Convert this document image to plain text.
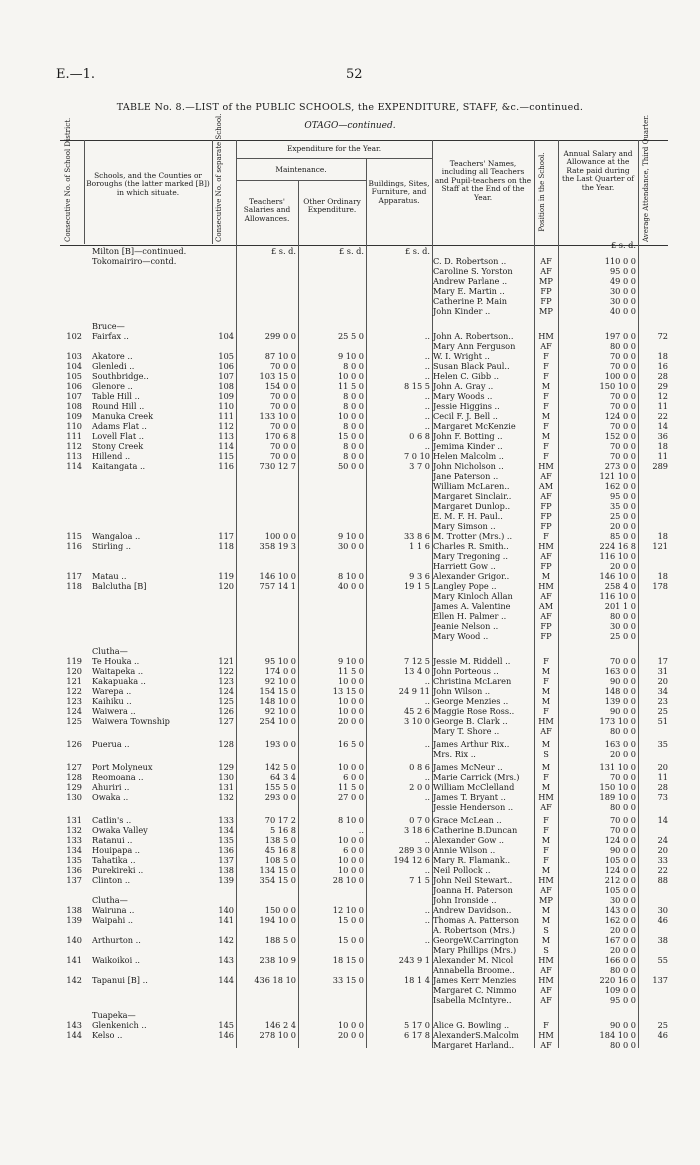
E.—1.	52
TABLE No. 8.—LIST of the PUBLIC SCHOOLS, the EXPENDITURE, STAFF, &c.—continued.
OTAGO—continued.
Consecutive No. of School District.	Schools, and the Counties or Boroughs (the latter marked [B]) in which situate.	Consecutive No. of separate School.	Expenditure for the Year.
Maintenance.
Teachers' Salaries and Allowances.
Other Ordinary Expenditure.
Buildings, Sites, Furniture, and Apparatus.
Teachers' Names, including all Teachers and Pupil-teachers on the Staff at the End of the Year.	Position in the School.	Annual Salary and Allowance at the Rate paid during the Last Quarter of the Year.	Average Attendance, Third Quarter.
Milton [B]—continued.	£ s. d.	£ s. d.	£ s. d.
£ s. d.
Tokomairiro—contd.	C. D. Robertson ..	AF	110 0 0
Caroline S. Yorston	AF	95 0 0
Andrew Parlane ..	MP	49 0 0
Mary E. Martin ..	FP	30 0 0
Catherine P. Main	FP	30 0 0
John Kinder ..	MP	40 0 0
Bruce—
102 Fairfax ..	104	299 0 0	25 5 0	.. John A. Robertson..	HM	197 0 0	72
Mary Ann Ferguson	AF	80 0 0
103 Akatore ..	105	87 10 0	9 10 0	.. W. I. Wright ..	F	70 0 0	18
104 Glenledi ..	106	70 0 0	8 0 0	.. Susan Black Paul..	F	70 0 0	16
105 Southbridge..	107	103 15 0	10 0 0	.. Helen C. Gibb ..	F	100 0 0	28
106 Glenore ..	108	154 0 0	11 5 0	8 15 5 John A. Gray ..	M	150 10 0	29
107 Table Hill ..	109	70 0 0	8 0 0	.. Mary Woods ..	F	70 0 0	12
108 Round Hill ..	110	70 0 0	8 0 0	.. Jessie Higgins ..	F	70 0 0	11
109 Manuka Creek	111	133 10 0	10 0 0	.. Cecil F. J. Bell ..	M	124 0 0	22
110 Adams Flat ..	112	70 0 0	8 0 0	.. Margaret McKenzie	F	70 0 0	14
111 Lovell Flat ..	113	170 6 8	15 0 0	0 6 8 John F. Botting ..	M	152 0 0	36
112 Stony Creek	114	70 0 0	8 0 0	.. Jemima Kinder ..	F	70 0 0	18
113 Hillend ..	115	70 0 0	8 0 0	7 0 10 Helen Malcolm ..	F	70 0 0	11
114 Kaitangata ..	116	730 12 7	50 0 0	3 7 0 John Nicholson ..	HM	273 0 0	289
Jane Paterson ..	AF	121 10 0
William McLaren..	AM	162 0 0
Margaret Sinclair..	AF	95 0 0
Margaret Dunlop..	FP	35 0 0
E. M. F. H. Paul..	FP	25 0 0
Mary Simson ..	FP	20 0 0
115 Wangaloa ..	117	100 0 0	9 10 0	33 8 6 M. Trotter (Mrs.) ..	F	85 0 0	18
116 Stirling ..	118	358 19 3	30 0 0	1 1 6 Charles R. Smith..	HM	224 16 8	121
Mary Tregoning ..	AF	116 10 0
Harriett Gow ..	FP	20 0 0
117 Matau ..	119	146 10 0	8 10 0	9 3 6 Alexander Grigor..	M	146 10 0	18
118 Balclutha [B]	120	757 14 1	40 0 0	19 1 5 Langley Pope ..	HM	258 4 0	178
Mary Kinloch Allan	AF	116 10 0
James A. Valentine	AM	201 1 0
Ellen H. Palmer ..	AF	80 0 0
Jeanie Nelson ..	FP	30 0 0
Mary Wood ..	FP	25 0 0
Clutha—
119 Te Houka ..	121	95 10 0	9 10 0	7 12 5 Jessie M. Riddell ..	F	70 0 0	17
120 Waitapeka ..	122	174 0 0	11 5 0	13 4 0 John Porteous ..	M	163 0 0	31
121 Kakapuaka ..	123	92 10 0	10 0 0	.. Christina McLaren	F	90 0 0	20
122 Warepa ..	124	154 15 0	13 15 0	24 9 11 John Wilson ..	M	148 0 0	34
123 Kaihiku ..	125	148 10 0	10 0 0	.. George Menzies ..	M	139 0 0	23
124 Waiwera ..	126	92 10 0	10 0 0	45 2 6 Maggie Rose Ross..	F	90 0 0	25
125 Waiwera Township	127	254 10 0	20 0 0	3 10 0 George B. Clark ..	HM	173 10 0	51
Mary T. Shore ..	AF	80 0 0
126 Puerua ..	128	193 0 0	16 5 0	.. James Arthur Rix..	M	163 0 0	35
Mrs. Rix ..	S	20 0 0
127 Port Molyneux	129	142 5 0	10 0 0	0 8 6 James McNeur ..	M	131 10 0	20
128 Reomoana ..	130	64 3 4	6 0 0	.. Marie Carrick (Mrs.)	F	70 0 0	11
129 Ahuriri ..	131	155 5 0	11 5 0	2 0 0 William McClelland	M	150 10 0	28
130 Owaka ..	132	293 0 0	27 0 0	.. James T. Bryant ..	HM	189 10 0	73
Jessie Henderson ..	AF	80 0 0
131 Catlin's ..	133	70 17 2	8 10 0	0 7 0 Grace McLean ..	F	70 0 0	14
132 Owaka Valley	134	5 16 8	..	3 18 6 Catherine B.Duncan	F	70 0 0
133 Ratanui ..	135	138 5 0	10 0 0	.. Alexander Gow ..	M	124 0 0	24
134 Houipapa ..	136	45 16 8	6 0 0	289 3 0 Annie Wilson ..	F	90 0 0	20
135 Tahatika ..	137	108 5 0	10 0 0	194 12 6 Mary R. Flamank..	F	105 0 0	33
136 Purekireki ..	138	134 15 0	10 0 0	.. Neil Pollock ..	M	124 0 0	22
137 Clinton ..	139	354 15 0	28 10 0	7 1 5 John Neil Stewart..	HM	212 0 0	88
Joanna H. Paterson	AF	105 0 0
Clutha—	John Ironside ..	MP	30 0 0
138 Wairuna ..	140	150 0 0	12 10 0	.. Andrew Davidson..	M	143 0 0	30
139 Waipahi ..	141	194 10 0	15 0 0	.. Thomas A. Patterson	M	162 0 0	46
A. Robertson (Mrs.)	S	20 0 0
140 Arthurton ..	142	188 5 0	15 0 0	.. GeorgeW.Carrington	M	167 0 0	38
Mary Phillips (Mrs.)	S	20 0 0
141 Waikoikoi ..	143	238 10 9	18 15 0	243 9 1 Alexander M. Nicol	HM	166 0 0	55
Annabella Broome..	AF	80 0 0
142 Tapanui [B] ..	144	436 18 10	33 15 0	18 1 4 James Kerr Menzies	HM	220 16 0	137
Margaret C. Nimmo	AF	109 0 0
Isabella McIntyre..	AF	95 0 0
Tuapeka—
143 Glenkenich ..	145	146 2 4	10 0 0	5 17 0 Alice G. Bowling ..	F	90 0 0	25
144 Kelso ..	146	278 10 0	20 0 0	6 17 8 AlexanderS.Malcolm	HM	184 10 0	46
Margaret Harland..	AF	80 0 0
